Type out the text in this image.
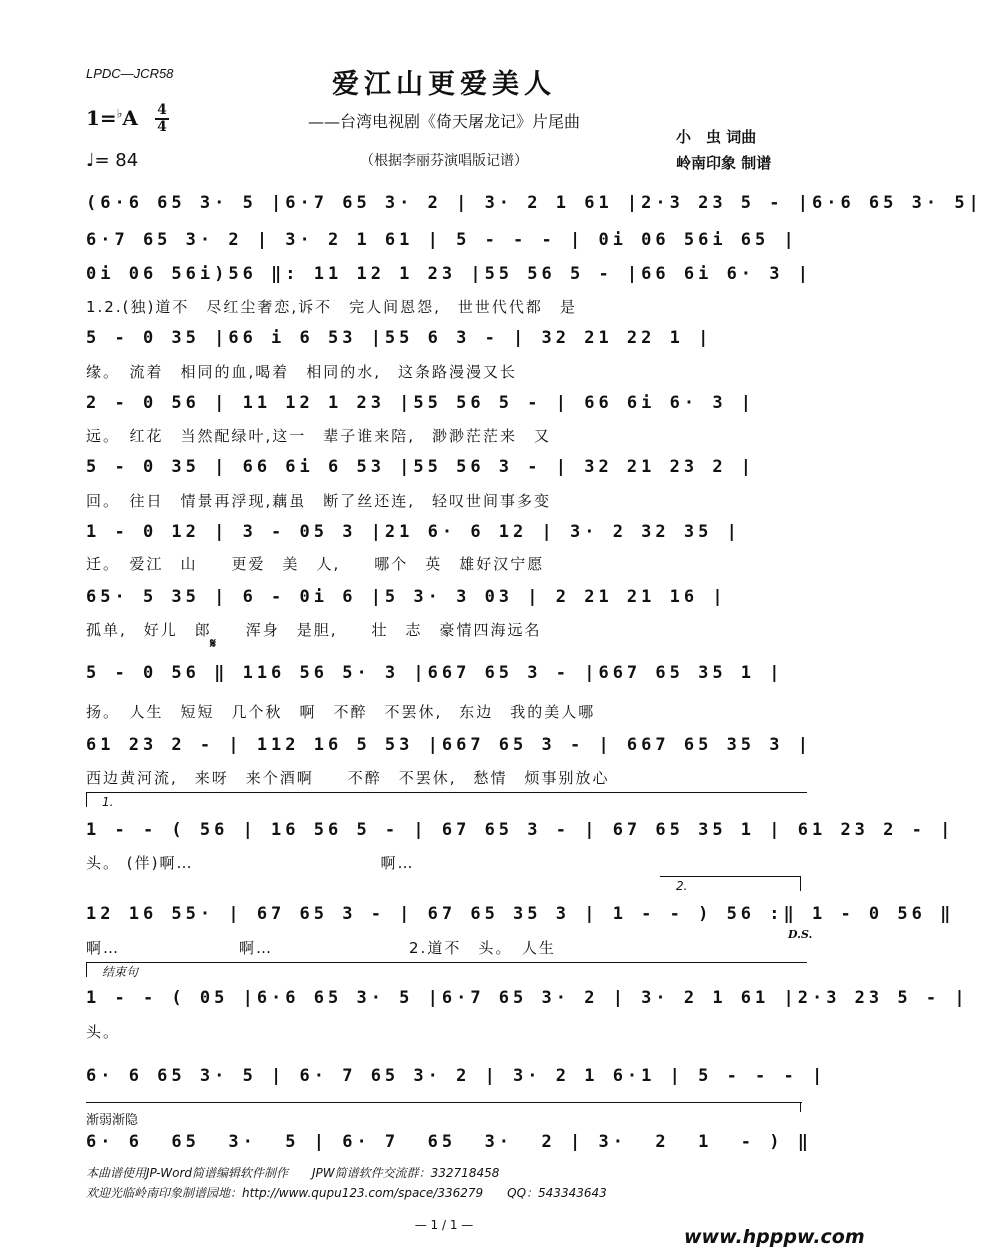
LPDC—JCR58	爱江山更爱美人
——台湾电视剧《倚天屠龙记》片尾曲
（根据李丽芬演唱版记谱）
1=♭A 4
4
♩= 84
小　虫 词曲
岭南印象 制谱
(6·6 65 3· 5 |6·7 65 3· 2 | 3· 2 1 61 |2·3 23 5 - |6·6 65 3· 5|
6·7 65 3· 2 | 3· 2 1 61 | 5 - - - | 0i 06 56i 65 |
0i 06 56i)56 ‖: 11 12 1 23 |55 56 5 - |66 6i 6· 3 |
1.2.(独)道不　尽红尘奢恋,诉不　完人间恩怨,　世世代代都　是
5 - 0 35 |66 i 6 53 |55 6 3 - | 32 21 22 1 |
缘。　流着　相同的血,喝着　相同的水,　这条路漫漫又长
2 - 0 56 | 11 12 1 23 |55 56 5 - | 66 6i 6· 3 |
远。　红花　当然配绿叶,这一　辈子谁来陪,　渺渺茫茫来　又
5 - 0 35 | 66 6i 6 53 |55 56 3 - | 32 21 23 2 |
回。　往日　情景再浮现,藕虽　断了丝还连,　轻叹世间事多变
1 - 0 12 | 3 - 05 3 |21 6· 6 12 | 3· 2 32 35 |
迁。　爱江　山　　更爱　美　人,　　哪个　英　雄好汉宁愿
65· 5 35 | 6 - 0i 6 |5 3· 3 03 | 2 21 21 16 |
孤单,　好儿　郎　　浑身　是胆,　　壮　志　豪情四海远名
𝄋
5 - 0 56 ‖ 116 56 5· 3 |667 65 3 - |667 65 35 1 |
扬。　人生　短短　几个秋　啊　不醉　不罢休,　东边　我的美人哪
61 23 2 - | 112 16 5 53 |667 65 3 - | 667 65 35 3 |
西边黄河流,　来呀　来个酒啊　　不醉　不罢休,　愁情　烦事别放心
1.
1 - - ( 56 | 16 56 5 - | 67 65 3 - | 67 65 35 1 | 61 23 2 - |
头。 (伴)啊…　　　　　　　　　　　啊…
2.
12 16 55· | 67 65 3 - | 67 65 35 3 | 1 - - ) 56 :‖ 1 - 0 56 ‖
D.S.
啊…　　　　　　　啊…　　　　　　　　2.道不　头。　人生
结束句
1 - - ( 05 |6·6 65 3· 5 |6·7 65 3· 2 | 3· 2 1 61 |2·3 23 5 - |
头。
6· 6 65 3· 5 | 6· 7 65 3· 2 | 3· 2 1 6·1 | 5 - - - |
渐弱渐隐
6· 6  65  3·  5 | 6· 7  65  3·  2 | 3·  2  1  - ) ‖
本曲谱使用JP-Word简谱编辑软件制作　　JPW简谱软件交流群：332718458
欢迎光临岭南印象制谱园地：http://www.qupu123.com/space/336279　　QQ：543343643
— 1 / 1 —
www.hpppw.com
